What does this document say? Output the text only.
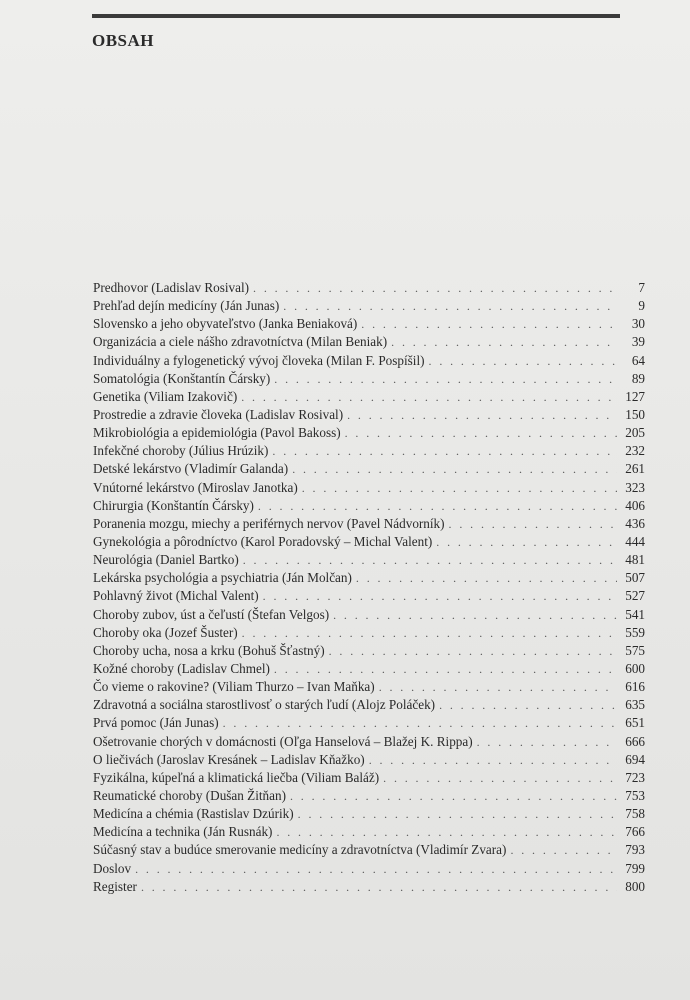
OBSAH
Predhovor (Ladislav Rosival) . . .	7
Prehľad dejín medicíny (Ján Junas) . . .	9
Slovensko a jeho obyvateľstvo (Janka Beniaková) . . .	30
Organizácia a ciele nášho zdravotníctva (Milan Beniak) . . .	39
Individuálny a fylogenetický vývoj človeka (Milan F. Pospíšil) . . .	64
Somatológia (Konštantín Čársky) . . .	89
Genetika (Viliam Izakovič) . . .	127
Prostredie a zdravie človeka (Ladislav Rosival) . . .	150
Mikrobiológia a epidemiológia (Pavol Bakoss) . . .	205
Infekčné choroby (Július Hrúzik) . . .	232
Detské lekárstvo (Vladimír Galanda) . . .	261
Vnútorné lekárstvo (Miroslav Janotka) . . .	323
Chirurgia (Konštantín Čársky) . . .	406
Poranenia mozgu, miechy a periférnych nervov (Pavel Nádvorník) . . .	436
Gynekológia a pôrodníctvo (Karol Poradovský – Michal Valent) . . .	444
Neurológia (Daniel Bartko) . . .	481
Lekárska psychológia a psychiatria (Ján Molčan) . . .	507
Pohlavný život (Michal Valent) . . .	527
Choroby zubov, úst a čeľustí (Štefan Velgos) . . .	541
Choroby oka (Jozef Šuster) . . .	559
Choroby ucha, nosa a krku (Bohuš Šťastný) . . .	575
Kožné choroby (Ladislav Chmel) . . .	600
Čo vieme o rakovine? (Viliam Thurzo – Ivan Maňka) . . .	616
Zdravotná a sociálna starostlivosť o starých ľudí (Alojz Poláček) . . .	635
Prvá pomoc (Ján Junas) . . .	651
Ošetrovanie chorých v domácnosti (Oľga Hanselová – Blažej K. Rippa) . . .	666
O liečivách (Jaroslav Kresánek – Ladislav Kňažko) . . .	694
Fyzikálna, kúpeľná a klimatická liečba (Viliam Baláž) . . .	723
Reumatické choroby (Dušan Žitňan) . . .	753
Medicína a chémia (Rastislav Dzúrik) . . .	758
Medicína a technika (Ján Rusnák) . . .	766
Súčasný stav a budúce smerovanie medicíny a zdravotníctva (Vladimír Zvara) . . .	793
Doslov . . .	799
Register . . .	800
